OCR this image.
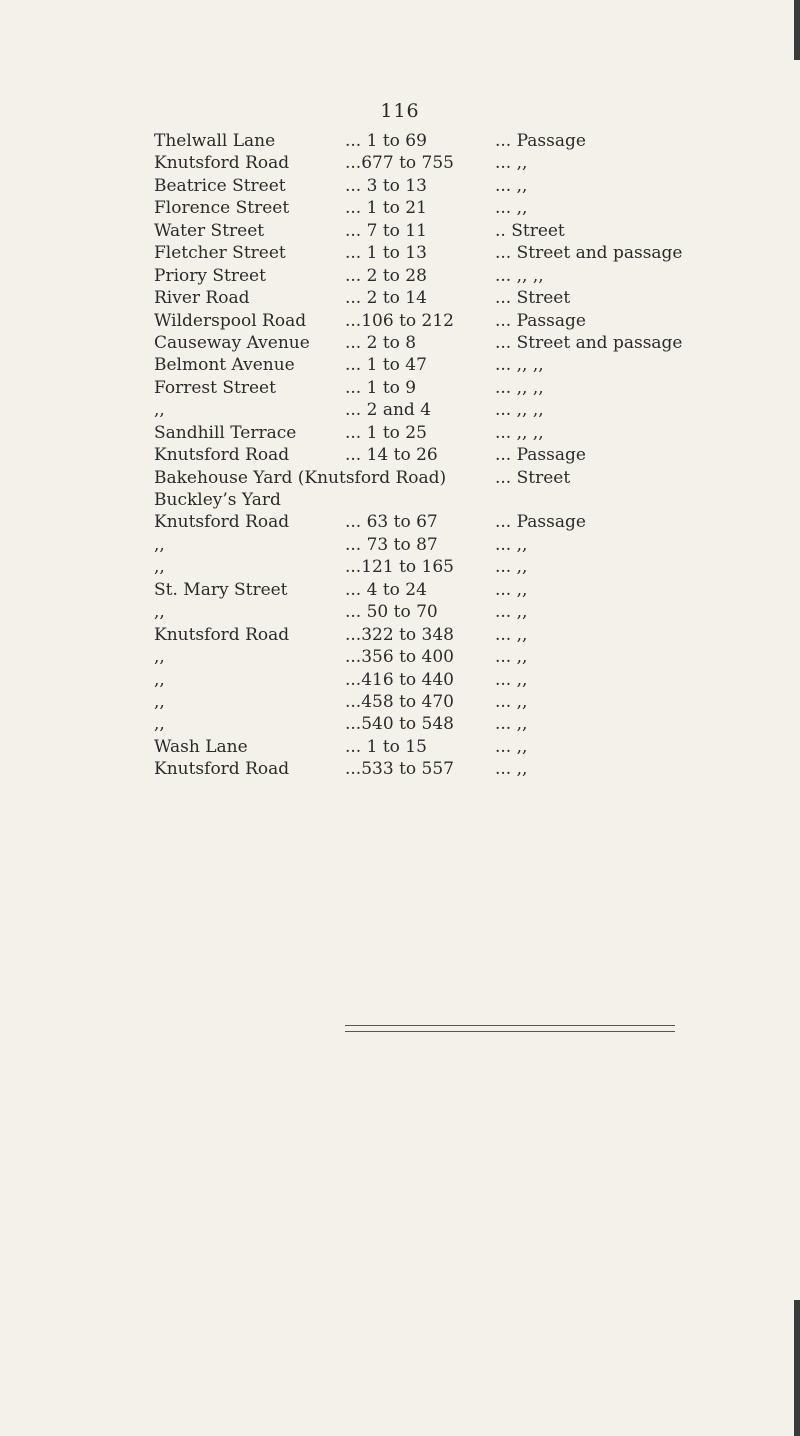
116
Thelwall Lane	... 1 to 69	... Passage
Knutsford Road	...677 to 755 ... ,,
Beatrice Street	... 3 to 13	... ,,
Florence Street	... 1 to 21	... ,,
Water Street	... 7 to 11	.. Street
Fletcher Street	... 1 to 13	... Street and passage
Priory Street	... 2 to 28	... ,, ,,
River Road	... 2 to 14	... Street
Wilderspool Road ...106 to 212 ... Passage
Causeway Avenue ... 2 to 8	... Street and passage
Belmont Avenue	... 1 to 47	... ,, ,,
Forrest Street	... 1 to 9	... ,, ,,
,,	... 2 and 4	... ,, ,,
Sandhill Terrace	... 1 to 25	... ,, ,,
Knutsford Road	... 14 to 26	... Passage
Bakehouse Yard (Knutsford Road)	... Street
Buckley’s Yard
Knutsford Road	... 63 to 67	... Passage
,,	... 73 to 87	... ,,
,,	...121 to 165 ... ,,
St. Mary Street	... 4 to 24	... ,,
,,	... 50 to 70	... ,,
Knutsford Road	...322 to 348 ... ,,
,,	...356 to 400 ... ,,
,,	...416 to 440 ... ,,
,,	...458 to 470 ... ,,
,,	...540 to 548 ... ,,
Wash Lane	... 1 to 15	... ,,
Knutsford Road	...533 to 557 ... ,,
